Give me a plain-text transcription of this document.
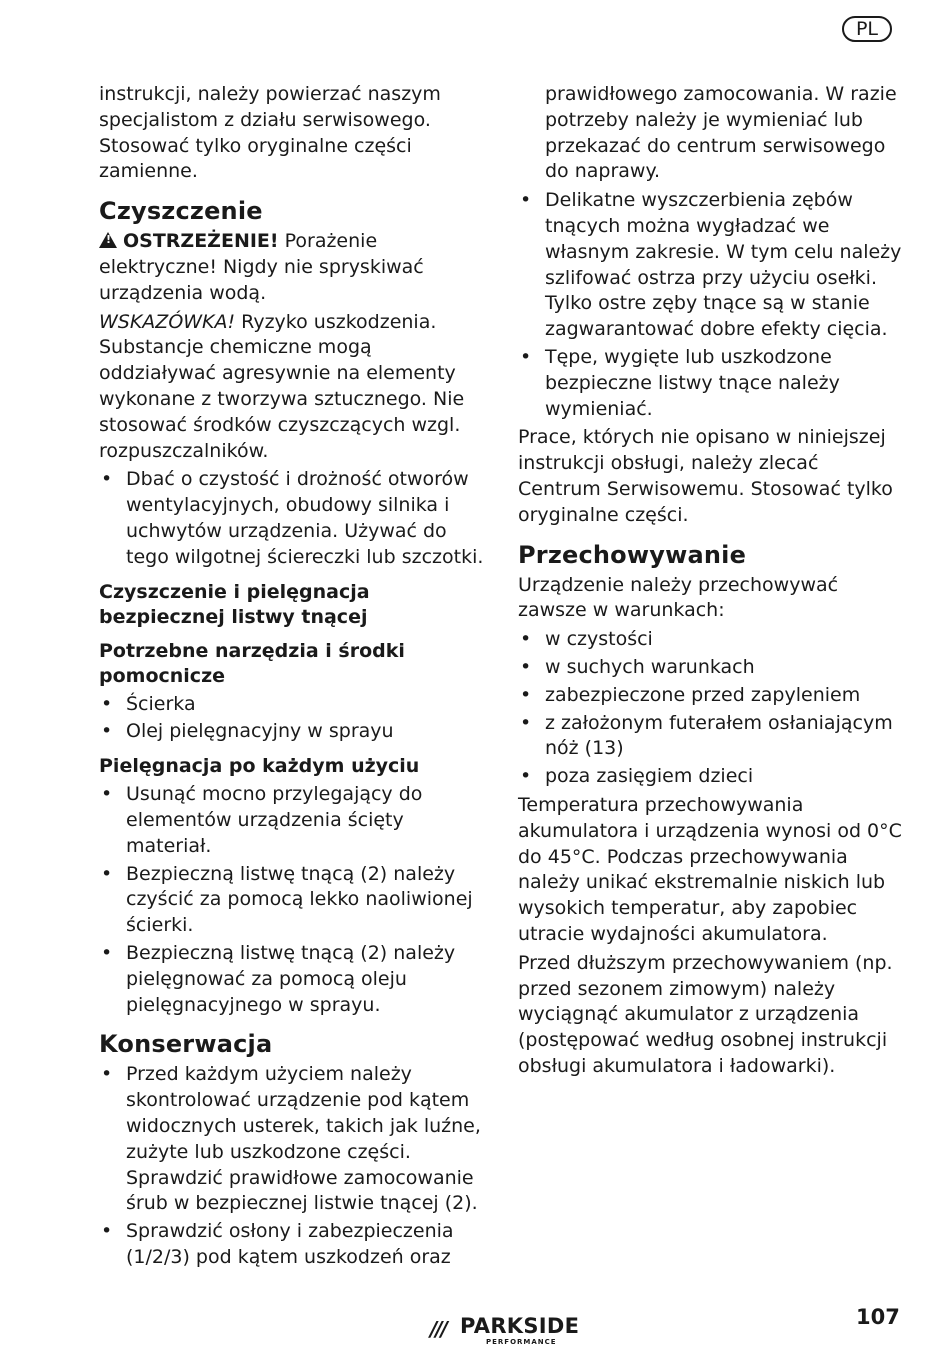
PL

instrukcji, należy powierzać naszym specjalistom z działu serwisowego. Stosować tylko oryginalne części zamienne.

Czyszczenie

!OSTRZEŻENIE! Porażenie elektryczne! Nigdy nie spryskiwać urządzenia wodą.

WSKAZÓWKA! Ryzyko uszkodzenia. Substancje chemiczne mogą oddziaływać agresywnie na elementy wykonane z tworzywa sztucznego. Nie stosować środków czyszczących wzgl. rozpuszczalników.

• Dbać o czystość i drożność otworów wentylacyjnych, obudowy silnika i uchwytów urządzenia. Używać do tego wilgotnej ściereczki lub szczotki.
Czyszczenie i pielęgnacja bezpiecznej listwy tnącej
Potrzebne narzędzia i środki pomocnicze
• Ścierka
• Olej pielęgnacyjny w sprayu
Pielęgnacja po każdym użyciu
• Usunąć mocno przylegający do elementów urządzenia ścięty materiał.
• Bezpieczną listwę tnącą (2) należy czyścić za pomocą lekko naoliwionej ścierki.
• Bezpieczną listwę tnącą (2) należy pielęgnować za pomocą oleju pielęgnacyjnego w sprayu.
Konserwacja
• Przed każdym użyciem należy skontrolować urządzenie pod kątem widocznych usterek, takich jak luźne, zużyte lub uszkodzone części. Sprawdzić prawidłowe zamocowanie śrub w bezpiecznej listwie tnącej (2).
• Sprawdzić osłony i zabezpieczenia (1/2/3) pod kątem uszkodzeń oraz

prawidłowego zamocowania. W razie potrzeby należy je wymieniać lub przekazać do centrum serwisowego do naprawy.

• Delikatne wyszczerbienia zębów tnących można wygładzać we własnym zakresie. W tym celu należy szlifować ostrza przy użyciu osełki. Tylko ostre zęby tnące są w stanie zagwarantować dobre efekty cięcia.
• Tępe, wygięte lub uszkodzone bezpieczne listwy tnące należy wymieniać.

Prace, których nie opisano w niniejszej instrukcji obsługi, należy zlecać Centrum Serwisowemu. Stosować tylko oryginalne części.

Przechowywanie

Urządzenie należy przechowywać zawsze w warunkach:

• w czystości
• w suchych warunkach
• zabezpieczone przed zapyleniem
• z założonym futerałem osłaniającym nóż (13)
• poza zasięgiem dzieci

Temperatura przechowywania akumulatora i urządzenia wynosi od 0°C do 45°C. Podczas przechowywania należy unikać ekstremalnie niskich lub wysokich temperatur, aby zapobiec utracie wydajności akumulatora.

Przed dłuższym przechowywaniem (np. przed sezonem zimowym) należy wyciągnąć akumulator z urządzenia (postępować według osobnej instrukcji obsługi akumulatora i ładowarki).

/// PARKSIDE
PERFORMANCE
107
